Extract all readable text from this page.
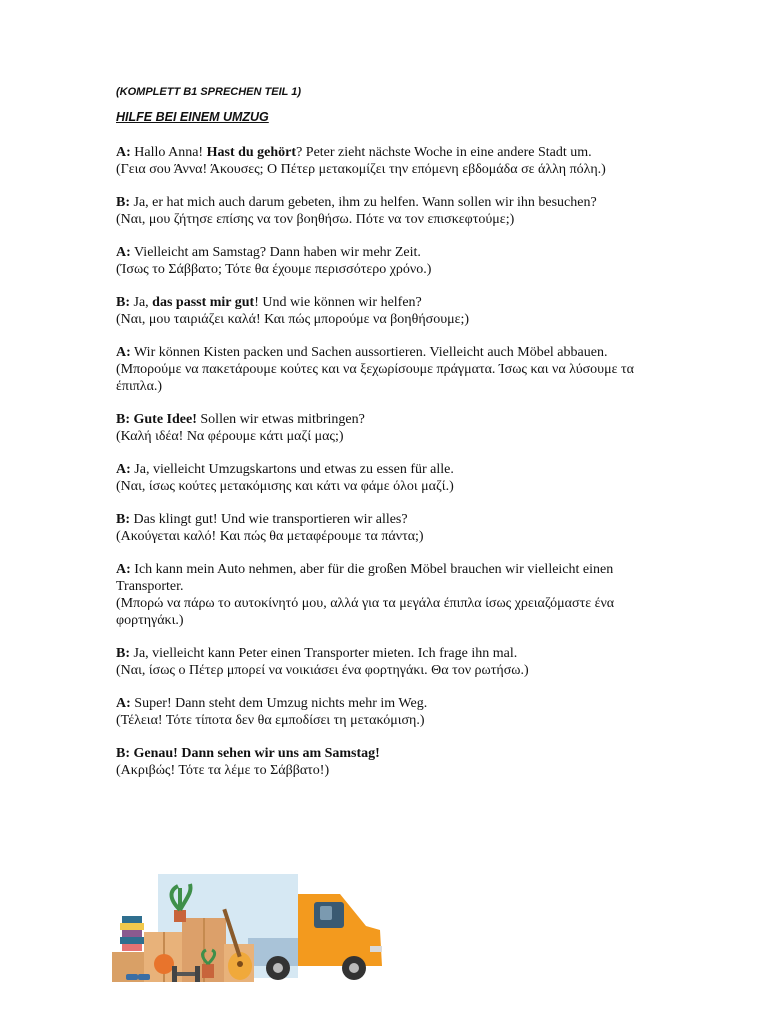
(KOMPLETT B1 SPRECHEN TEIL 1)
HILFE BEI EINEM UMZUG
A: Hallo Anna! Hast du gehört? Peter zieht nächste Woche in eine andere Stadt um.
(Γεια σου Άννα! Άκουσες; Ο Πέτερ μετακομίζει την επόμενη εβδομάδα σε άλλη πόλη.)
B: Ja, er hat mich auch darum gebeten, ihm zu helfen. Wann sollen wir ihn besuchen?
(Ναι, μου ζήτησε επίσης να τον βοηθήσω. Πότε να τον επισκεφτούμε;)
A: Vielleicht am Samstag? Dann haben wir mehr Zeit.
(Ίσως το Σάββατο; Τότε θα έχουμε περισσότερο χρόνο.)
B: Ja, das passt mir gut! Und wie können wir helfen?
(Ναι, μου ταιριάζει καλά! Και πώς μπορούμε να βοηθήσουμε;)
A: Wir können Kisten packen und Sachen aussortieren. Vielleicht auch Möbel abbauen.
(Μπορούμε να πακετάρουμε κούτες και να ξεχωρίσουμε πράγματα. Ίσως και να λύσουμε τα έπιπλα.)
B: Gute Idee! Sollen wir etwas mitbringen?
(Καλή ιδέα! Να φέρουμε κάτι μαζί μας;)
A: Ja, vielleicht Umzugskartons und etwas zu essen für alle.
(Ναι, ίσως κούτες μετακόμισης και κάτι να φάμε όλοι μαζί.)
B: Das klingt gut! Und wie transportieren wir alles?
(Ακούγεται καλό! Και πώς θα μεταφέρουμε τα πάντα;)
A: Ich kann mein Auto nehmen, aber für die großen Möbel brauchen wir vielleicht einen Transporter.
(Μπορώ να πάρω το αυτοκίνητό μου, αλλά για τα μεγάλα έπιπλα ίσως χρειαζόμαστε ένα φορτηγάκι.)
B: Ja, vielleicht kann Peter einen Transporter mieten. Ich frage ihn mal.
(Ναι, ίσως ο Πέτερ μπορεί να νοικιάσει ένα φορτηγάκι. Θα τον ρωτήσω.)
A: Super! Dann steht dem Umzug nichts mehr im Weg.
(Τέλεια! Τότε τίποτα δεν θα εμποδίσει τη μετακόμιση.)
B: Genau! Dann sehen wir uns am Samstag!
(Ακριβώς! Τότε τα λέμε το Σάββατο!)
